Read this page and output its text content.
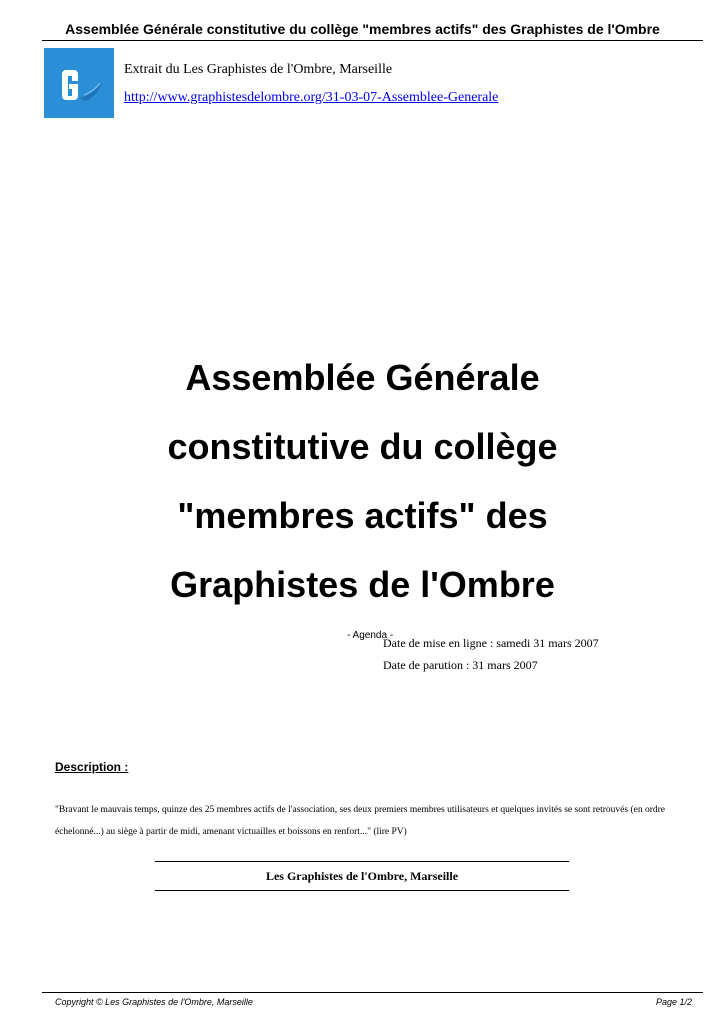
Assemblée Générale constitutive du collège "membres actifs" des Graphistes de l'Ombre
Extrait du Les Graphistes de l'Ombre, Marseille
http://www.graphistesdelombre.org/31-03-07-Assemblee-Generale
Assemblée Générale
constitutive du collège
"membres actifs" des
Graphistes de l'Ombre
- Agenda -
Date de mise en ligne : samedi 31 mars 2007
Date de parution : 31 mars 2007
Description :
"Bravant le mauvais temps, quinze des 25 membres actifs de l'association, ses deux premiers membres utilisateurs et quelques invités se sont retrouvés (en ordre échelonné...) au siège à partir de midi, amenant victuailles et boissons en renfort..." (lire PV)
Les Graphistes de l'Ombre, Marseille
Copyright © Les Graphistes de l'Ombre, Marseille	Page 1/2
